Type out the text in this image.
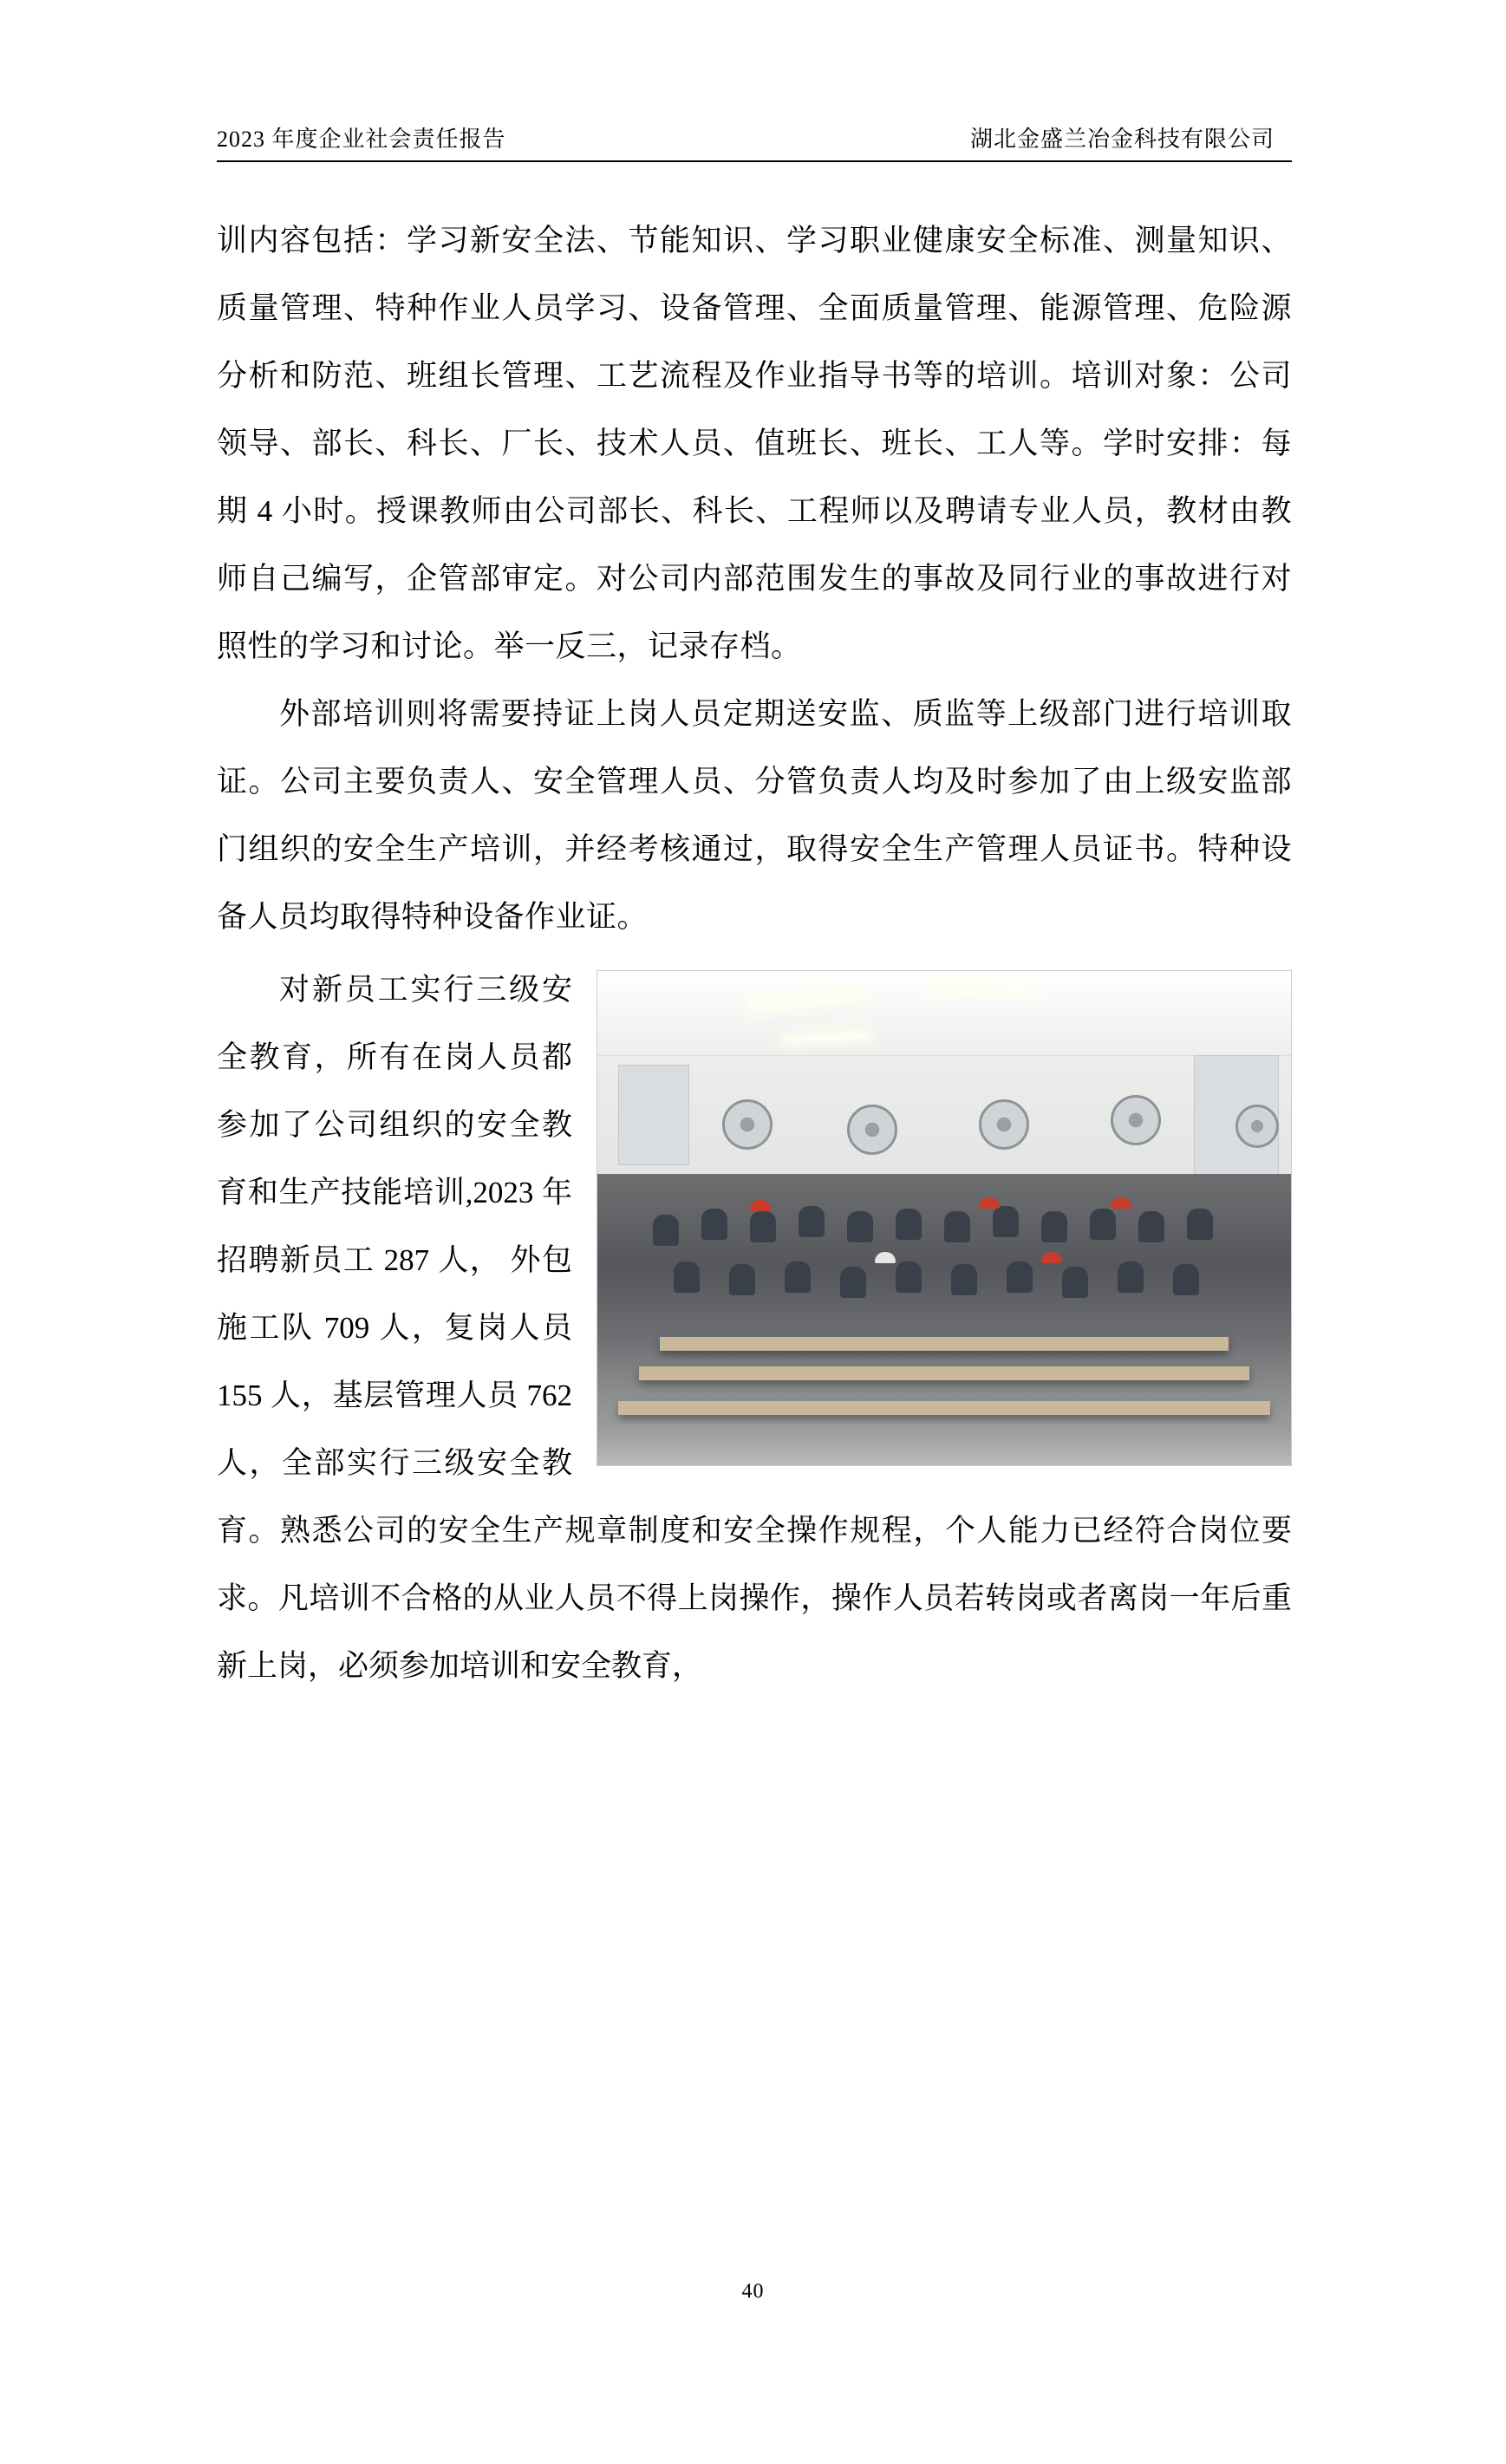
2023 年度企业社会责任报告	湖北金盛兰冶金科技有限公司

训内容包括：学习新安全法、节能知识、学习职业健康安全标准、测量知识、质量管理、特种作业人员学习、设备管理、全面质量管理、能源管理、危险源分析和防范、班组长管理、工艺流程及作业指导书等的培训。培训对象：公司领导、部长、科长、厂长、技术人员、值班长、班长、工人等。学时安排：每期 4 小时。授课教师由公司部长、科长、工程师以及聘请专业人员，教材由教师自己编写，企管部审定。对公司内部范围发生的事故及同行业的事故进行对照性的学习和讨论。举一反三，记录存档。

外部培训则将需要持证上岗人员定期送安监、质监等上级部门进行培训取证。公司主要负责人、安全管理人员、分管负责人均及时参加了由上级安监部门组织的安全生产培训，并经考核通过，取得安全生产管理人员证书。特种设备人员均取得特种设备作业证。

对新员工实行三级安全教育，所有在岗人员都参加了公司组织的安全教育和生产技能培训,2023 年招聘新员工 287 人， 外包施工队 709 人，复岗人员 155 人，基层管理人员 762 人，全部实行三级安全教育。熟悉公司的安全生产规章制度和安全操作规程，个人能力已经符合岗位要求。凡培训不合格的从业人员不得上岗操作，操作人员若转岗或者离岗一年后重新上岗，必须参加培训和安全教育，

40
